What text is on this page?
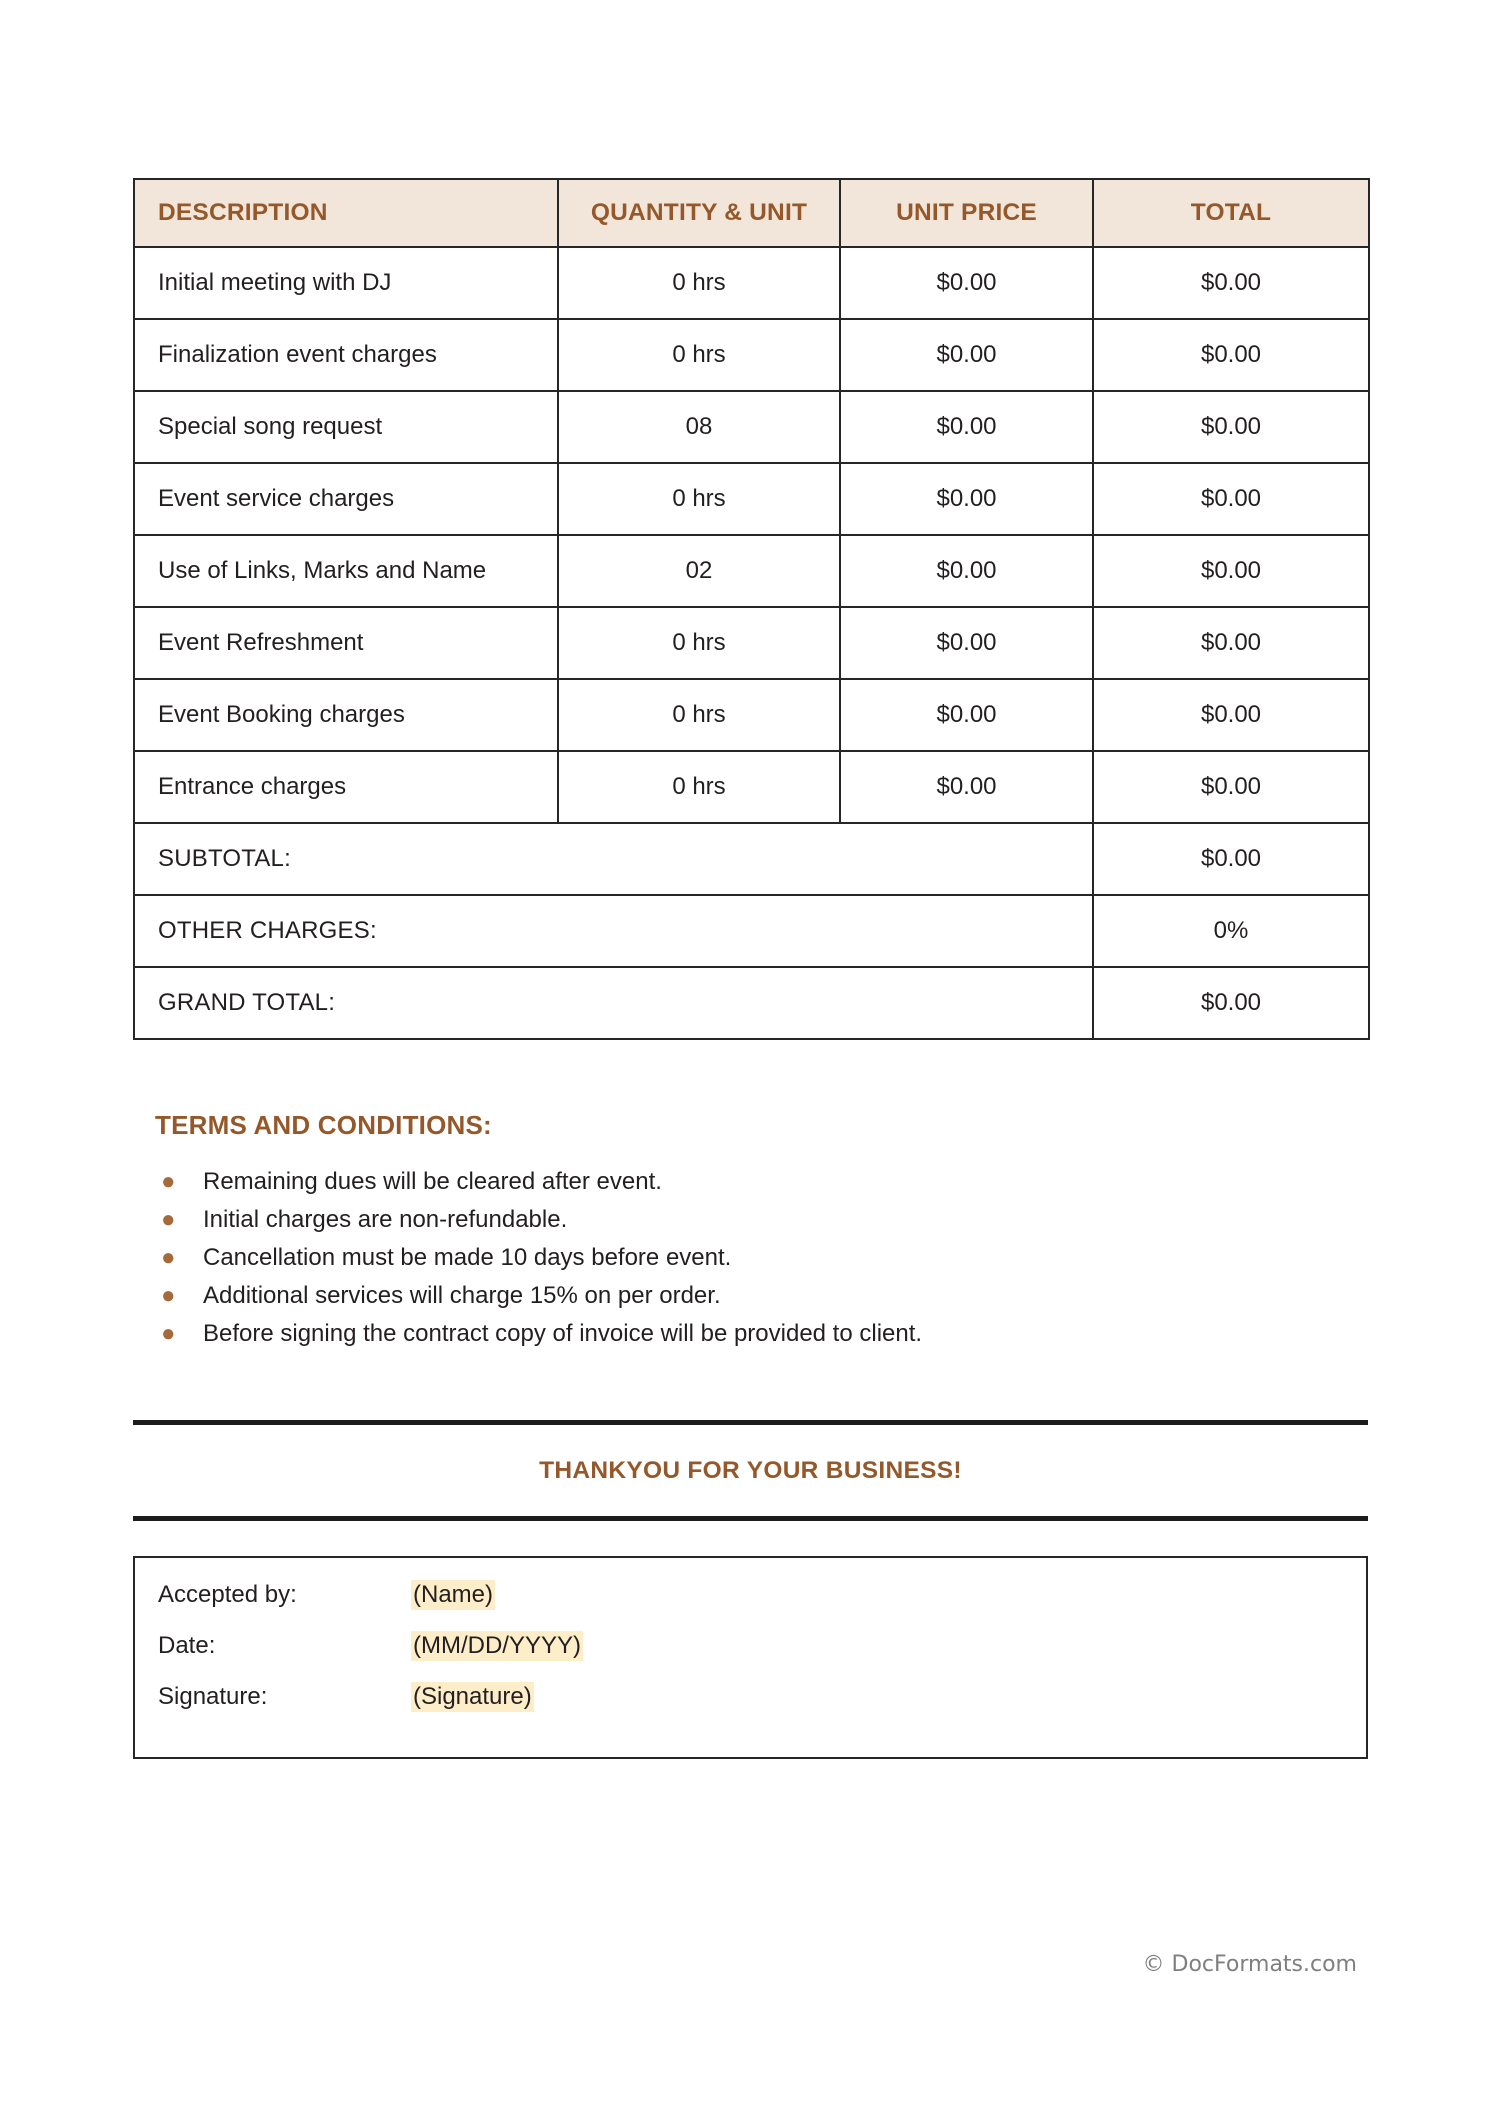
DESCRIPTION	QUANTITY & UNIT	UNIT PRICE	TOTAL
Initial meeting with DJ	0 hrs	$0.00	$0.00
Finalization event charges	0 hrs	$0.00	$0.00
Special song request	08	$0.00	$0.00
Event service charges	0 hrs	$0.00	$0.00
Use of Links, Marks and Name	02	$0.00	$0.00
Event Refreshment	0 hrs	$0.00	$0.00
Event Booking charges	0 hrs	$0.00	$0.00
Entrance charges	0 hrs	$0.00	$0.00
SUBTOTAL:			$0.00
OTHER CHARGES:			0%
GRAND TOTAL:			$0.00
TERMS AND CONDITIONS:
● Remaining dues will be cleared after event.
● Initial charges are non-refundable.
● Cancellation must be made 10 days before event.
● Additional services will charge 15% on per order.
● Before signing the contract copy of invoice will be provided to client.
THANKYOU FOR YOUR BUSINESS!
Accepted by:	(Name)
Date:	(MM/DD/YYYY)
Signature:	(Signature)
© DocFormats.com
